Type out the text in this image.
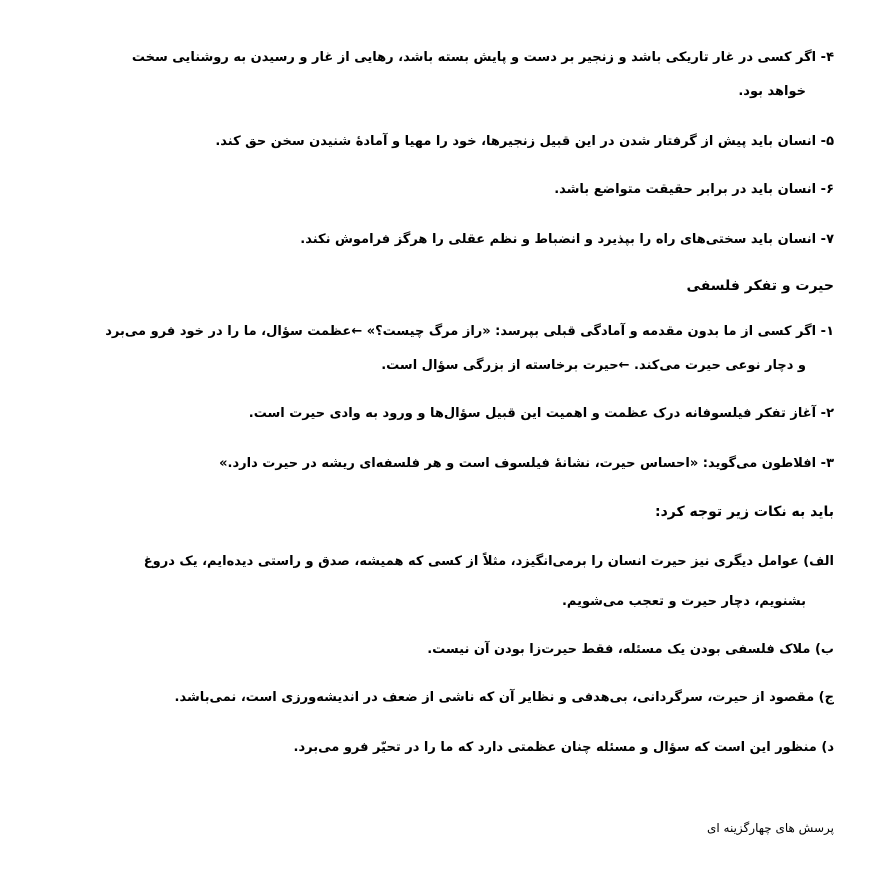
۴- اگر کسی در غار تاریکی باشد و زنجیر بر دست و پایش بسته باشد، رهایی از غار و رسیدن به روشنایی سخت
خواهد بود.
۵- انسان باید پیش از گرفتار شدن در این قبیل زنجیرها، خود را مهیا و آمادهٔ شنیدن سخن حق کند.
۶- انسان باید در برابر حقیقت متواضع باشد.
۷- انسان باید سختی‌های راه را بپذیرد و انضباط و نظم عقلی را هرگز فراموش نکند.
حیرت و تفکر فلسفی
۱- اگر کسی از ما بدون مقدمه و آمادگی قبلی بپرسد: «راز مرگ چیست؟» ←عظمت سؤال، ما را در خود فرو می‌برد
و دچار نوعی حیرت می‌کند. ←حیرت برخاسته از بزرگی سؤال است.
۲- آغاز تفکر فیلسوفانه درک عظمت و اهمیت این قبیل سؤال‌ها و ورود به وادی حیرت است.
۳- افلاطون می‌گوید: «احساس حیرت، نشانهٔ فیلسوف است و هر فلسفه‌ای ریشه در حیرت دارد.»
باید به نکات زیر توجه کرد:
الف) عوامل دیگری نیز حیرت انسان را برمی‌انگیزد، مثلاً از کسی که همیشه، صدق و راستی دیده‌ایم، یک دروغ
بشنویم، دچار حیرت و تعجب می‌شویم.
ب) ملاک فلسفی بودن یک مسئله، فقط حیرت‌زا بودن آن نیست.
ج) مقصود از حیرت، سرگردانی، بی‌هدفی و نظایر آن که ناشی از ضعف در اندیشه‌ورزی است، نمی‌باشد.
د) منظور این است که سؤال و مسئله چنان عظمتی دارد که ما را در تحیّر فرو می‌برد.
پرسش های چهارگزینه ای
